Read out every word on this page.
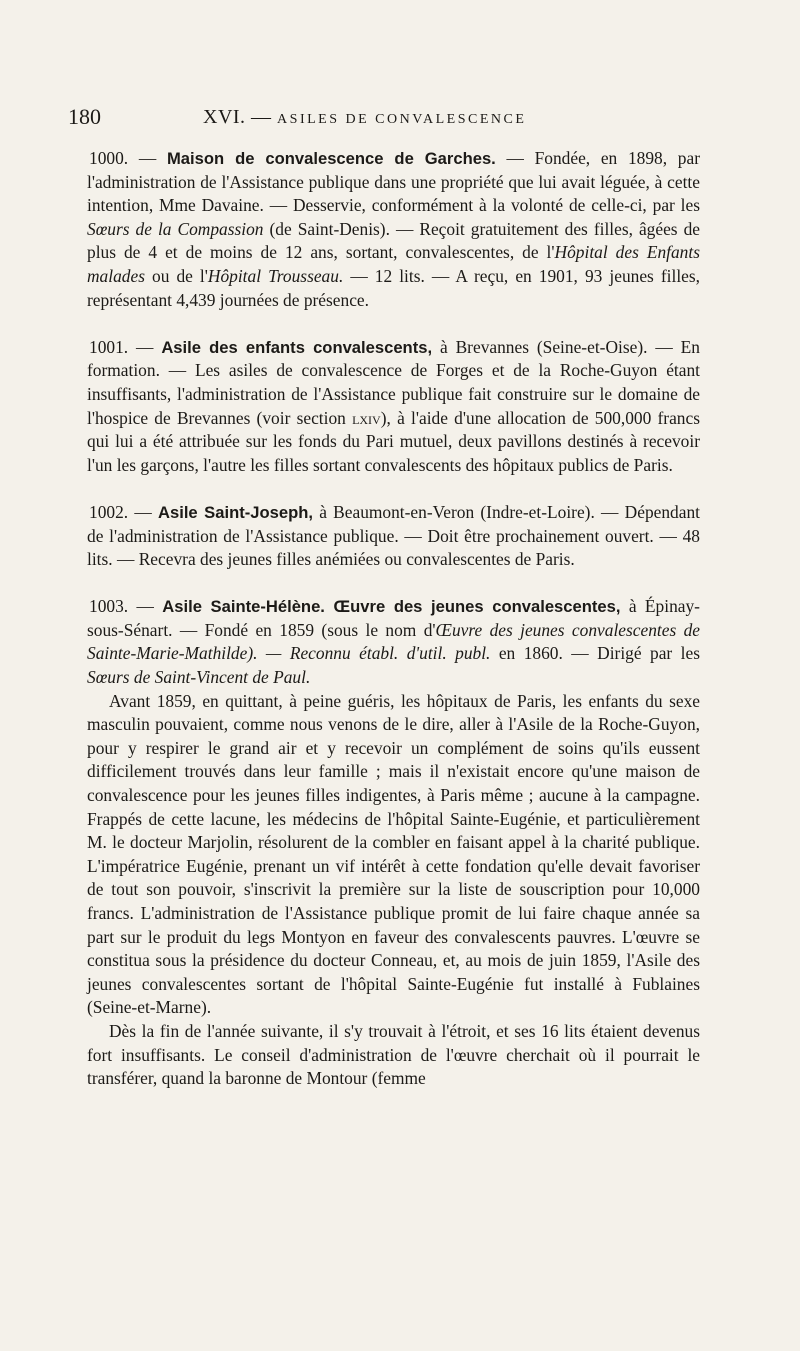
180	XVI. — ASILES DE CONVALESCENCE

1000. — Maison de convalescence de Garches. — Fondée, en 1898, par l'administration de l'Assistance publique dans une propriété que lui avait léguée, à cette intention, Mme Davaine. — Desservie, conformément à la volonté de celle-ci, par les Sœurs de la Compassion (de Saint-Denis). — Reçoit gratuitement des filles, âgées de plus de 4 et de moins de 12 ans, sortant, convalescentes, de l'Hôpital des Enfants malades ou de l'Hôpital Trousseau. — 12 lits. — A reçu, en 1901, 93 jeunes filles, représentant 4,439 journées de présence.

1001. — Asile des enfants convalescents, à Brevannes (Seine-et-Oise). — En formation. — Les asiles de convalescence de Forges et de la Roche-Guyon étant insuffisants, l'administration de l'Assistance publique fait construire sur le domaine de l'hospice de Brevannes (voir section lxiv), à l'aide d'une allocation de 500,000 francs qui lui a été attribuée sur les fonds du Pari mutuel, deux pavillons destinés à recevoir l'un les garçons, l'autre les filles sortant convalescents des hôpitaux publics de Paris.

1002. — Asile Saint-Joseph, à Beaumont-en-Veron (Indre-et-Loire). — Dépendant de l'administration de l'Assistance publique. — Doit être prochainement ouvert. — 48 lits. — Recevra des jeunes filles anémiées ou convalescentes de Paris.

1003. — Asile Sainte-Hélène. Œuvre des jeunes convalescentes, à Épinay-sous-Sénart. — Fondé en 1859 (sous le nom d'Œuvre des jeunes convalescentes de Sainte-Marie-Mathilde). — Reconnu établ. d'util. publ. en 1860. — Dirigé par les Sœurs de Saint-Vincent de Paul.

Avant 1859, en quittant, à peine guéris, les hôpitaux de Paris, les enfants du sexe masculin pouvaient, comme nous venons de le dire, aller à l'Asile de la Roche-Guyon, pour y respirer le grand air et y recevoir un complément de soins qu'ils eussent difficilement trouvés dans leur famille ; mais il n'existait encore qu'une maison de convalescence pour les jeunes filles indigentes, à Paris même ; aucune à la campagne. Frappés de cette lacune, les médecins de l'hôpital Sainte-Eugénie, et particulièrement M. le docteur Marjolin, résolurent de la combler en faisant appel à la charité publique. L'impératrice Eugénie, prenant un vif intérêt à cette fondation qu'elle devait favoriser de tout son pouvoir, s'inscrivit la première sur la liste de souscription pour 10,000 francs. L'administration de l'Assistance publique promit de lui faire chaque année sa part sur le produit du legs Montyon en faveur des convalescents pauvres. L'œuvre se constitua sous la présidence du docteur Conneau, et, au mois de juin 1859, l'Asile des jeunes convalescentes sortant de l'hôpital Sainte-Eugénie fut installé à Fublaines (Seine-et-Marne).

Dès la fin de l'année suivante, il s'y trouvait à l'étroit, et ses 16 lits étaient devenus fort insuffisants. Le conseil d'administration de l'œuvre cherchait où il pourrait le transférer, quand la baronne de Montour (femme
